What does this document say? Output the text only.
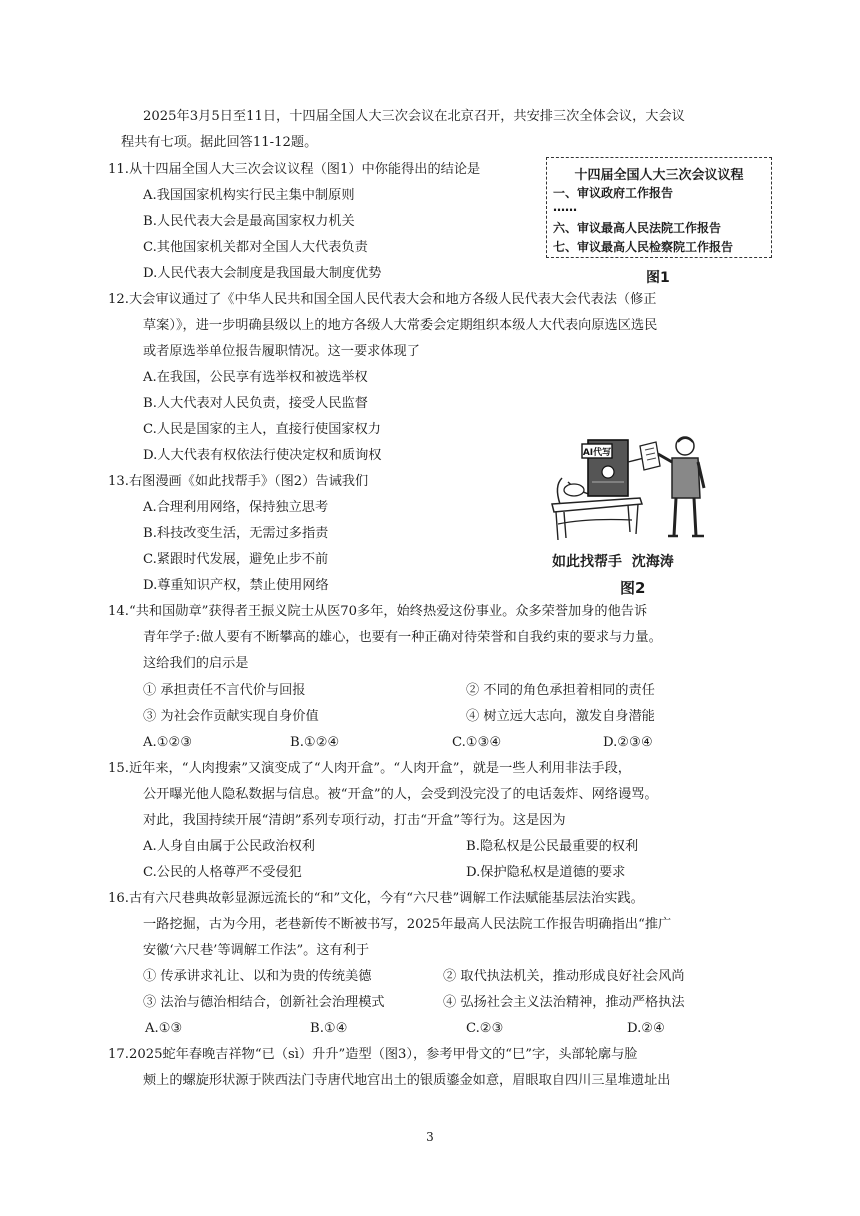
2025年3月5日至11日，十四届全国人大三次会议在北京召开，共安排三次全体会议，大会议
程共有七项。据此回答11-12题。
11.从十四届全国人大三次会议议程（图1）中你能得出的结论是
A.我国国家机构实行民主集中制原则
B.人民代表大会是最高国家权力机关
C.其他国家机关都对全国人大代表负责
D.人民代表大会制度是我国最大制度优势
十四届全国人大三次会议议程
一、审议政府工作报告
……
六、审议最高人民法院工作报告
七、审议最高人民检察院工作报告
图1
12.大会审议通过了《中华人民共和国全国人民代表大会和地方各级人民代表大会代表法（修正
草案）》，进一步明确县级以上的地方各级人大常委会定期组织本级人大代表向原选区选民
或者原选举单位报告履职情况。这一要求体现了
A.在我国，公民享有选举权和被选举权
B.人大代表对人民负责，接受人民监督
C.人民是国家的主人，直接行使国家权力
D.人大代表有权依法行使决定权和质询权
13.右图漫画《如此找帮手》（图2）告诫我们
A.合理利用网络，保持独立思考
B.科技改变生活，无需过多指责
C.紧跟时代发展，避免止步不前
D.尊重知识产权，禁止使用网络
AI代写
如此找帮手 沈海涛
图2
14.“共和国勋章”获得者王振义院士从医70多年，始终热爱这份事业。众多荣誉加身的他告诉
青年学子:做人要有不断攀高的雄心，也要有一种正确对待荣誉和自我约束的要求与力量。
这给我们的启示是
① 承担责任不言代价与回报	② 不同的角色承担着相同的责任
③ 为社会作贡献实现自身价值	④ 树立远大志向，激发自身潜能
A.①②③	B.①②④	C.①③④	D.②③④
15.近年来，“人肉搜索”又演变成了“人肉开盒”。“人肉开盒”，就是一些人利用非法手段，
公开曝光他人隐私数据与信息。被“开盒”的人，会受到没完没了的电话轰炸、网络谩骂。
对此，我国持续开展“清朗”系列专项行动，打击“开盒”等行为。这是因为
A.人身自由属于公民政治权利	B.隐私权是公民最重要的权利
C.公民的人格尊严不受侵犯	D.保护隐私权是道德的要求
16.古有六尺巷典故彰显源远流长的“和”文化，今有“六尺巷”调解工作法赋能基层法治实践。
一路挖掘，古为今用，老巷新传不断被书写，2025年最高人民法院工作报告明确指出“推广
安徽‘六尺巷’等调解工作法”。这有利于
① 传承讲求礼让、以和为贵的传统美德	② 取代执法机关，推动形成良好社会风尚
③ 法治与德治相结合，创新社会治理模式	④ 弘扬社会主义法治精神，推动严格执法
A.①③	B.①④	C.②③	D.②④
17.2025蛇年春晚吉祥物“已（sì）升升”造型（图3），参考甲骨文的“巳”字，头部轮廓与脸
颊上的螺旋形状源于陕西法门寺唐代地宫出土的银质鎏金如意，眉眼取自四川三星堆遗址出
3
